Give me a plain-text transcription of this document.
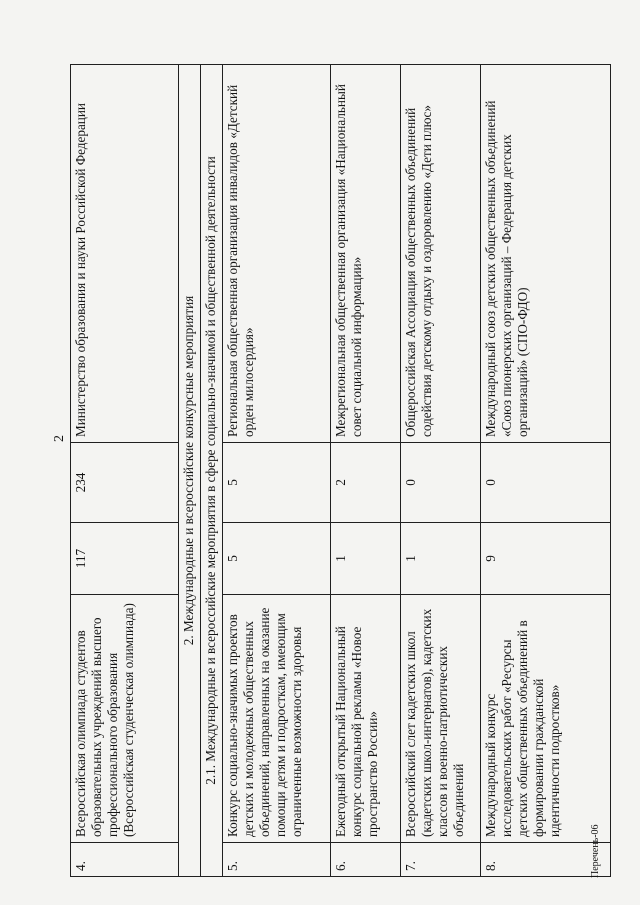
2
4.	Всероссийская олимпиада студентов образовательных учреждений высшего профессионального образования (Всероссийская студенческая олимпиада)	117	234	Министерство образования и науки Российской Федерации
2. Международные и всероссийские конкурсные мероприятия				
2.1. Международные и всероссийские мероприятия в сфере социально-значимой и общественной деятельности				
5.	Конкурс социально-значимых проектов детских и молодежных общественных объединений, направленных на оказание помощи детям и подросткам, имеющим ограниченные возможности здоровья	5	5	Региональная общественная организация инвалидов «Детский орден милосердия»
6.	Ежегодный открытый Национальный конкурс социальной рекламы «Новое пространство России»	1	2	Межрегиональная общественная организация «Национальный совет социальной информации»
7.	Всероссийский слет кадетских школ (кадетских школ-интернатов), кадетских классов и военно-патриотических объединений	1	0	Общероссийская Ассоциация общественных объединений содействия детскому отдыху и оздоровлению «Дети плюс»
8.	Международный конкурс исследовательских работ «Ресурсы детских общественных объединений в формировании гражданской идентичности подростков»	9	0	Международный союз детских общественных объединений «Союз пионерских организаций – Федерация детских организаций» (СПО-ФДО)
Перечень-06
